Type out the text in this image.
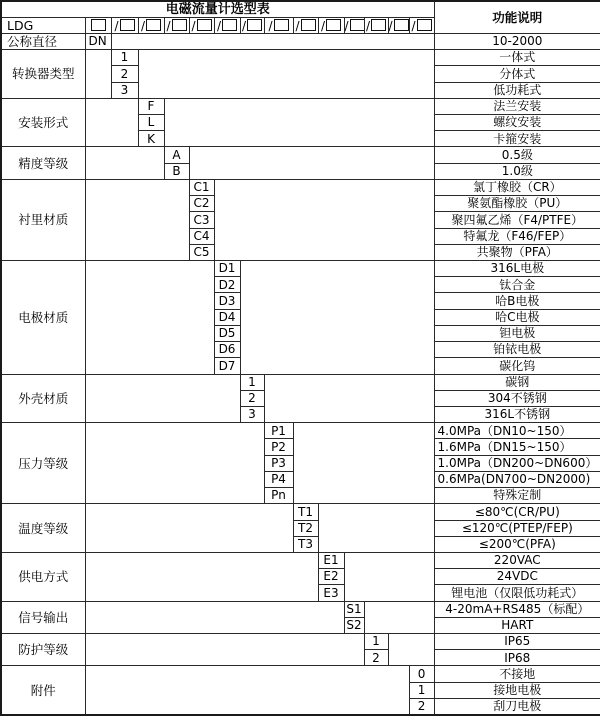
电磁流量计选型表															功能说明
LDG		/	/	/	/	/	/	/	/	/	/	/	/	/	
公称直径	DN														10-2000
转换器类型		1													一体式
		2													分体式
		3													低功耗式
安装形式			F												法兰安装
			L												螺纹安装
			K												卡箍安装
精度等级				A											0.5级
				B											1.0级
衬里材质					C1										氯丁橡胶（CR）
					C2										聚氨酯橡胶（PU）
					C3										聚四氟乙烯（F4/PTFE）
					C4										特氟龙（F46/FEP）
					C5										共聚物（PFA）
电极材质						D1									316L电极
						D2									钛合金
						D3									哈B电极
						D4									哈C电极
						D5									钽电极
						D6									铂铱电极
						D7									碳化钨
外壳材质							1								碳钢
							2								304不锈钢
							3								316L不锈钢
压力等级								P1							4.0MPa（DN10~150）
								P2							1.6MPa（DN15~150）
								P3							1.0MPa（DN200~DN600）
								P4							0.6MPa(DN700~DN2000)
								Pn							特殊定制
温度等级									T1						≤80℃(CR/PU)
									T2						≤120℃(PTEP/FEP)
									T3						≤200℃(PFA)
供电方式										E1					220VAC
										E2					24VDC
										E3					锂电池（仅限低功耗式）
信号输出											S1				4-20mA+RS485（标配）
											S2				HART
防护等级												1			IP65
												2			IP68
附件														0	不接地
														1	接地电极
														2	刮刀电极
